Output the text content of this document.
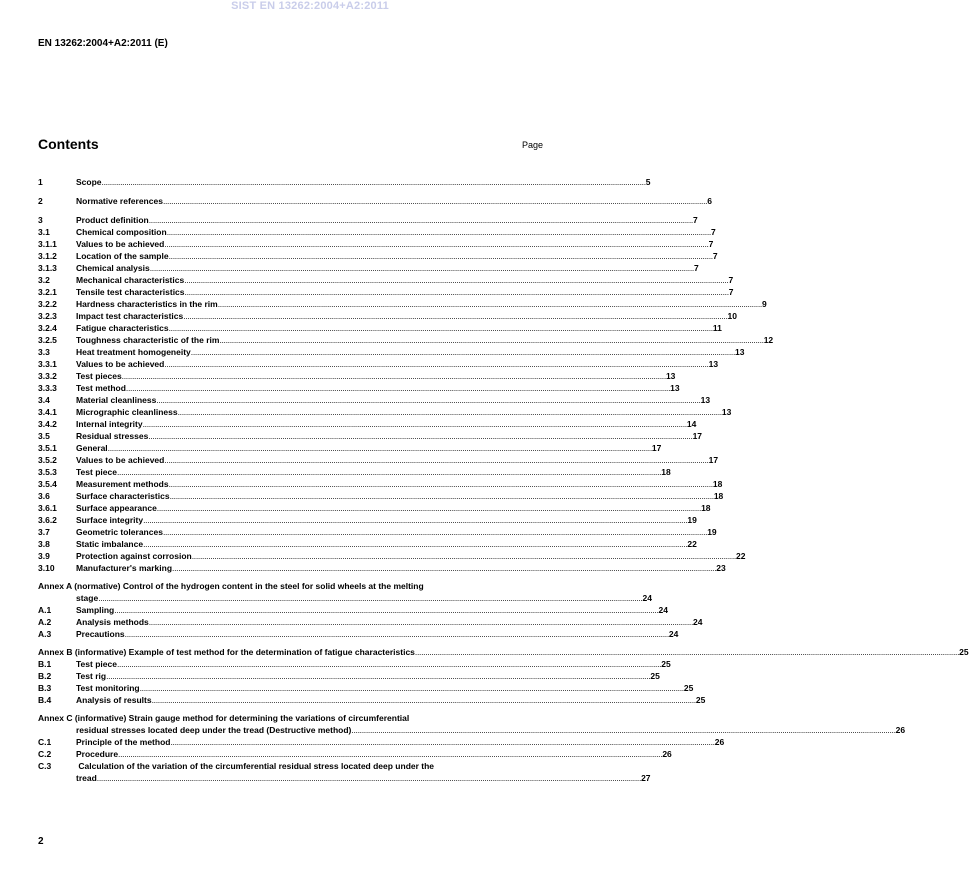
SIST EN 13262:2004+A2:2011
EN 13262:2004+A2:2011 (E)
Contents	Page
1	Scope .....	5
2	Normative references .....	6
3	Product definition .....	7
3.1	Chemical composition .....	7
3.1.1	Values to be achieved .....	7
3.1.2	Location of the sample .....	7
3.1.3	Chemical analysis .....	7
3.2	Mechanical characteristics .....	7
3.2.1	Tensile test characteristics .....	7
3.2.2	Hardness characteristics in the rim .....	9
3.2.3	Impact test characteristics .....	10
3.2.4	Fatigue characteristics .....	11
3.2.5	Toughness characteristic of the rim .....	12
3.3	Heat treatment homogeneity .....	13
3.3.1	Values to be achieved .....	13
3.3.2	Test pieces .....	13
3.3.3	Test method .....	13
3.4	Material cleanliness .....	13
3.4.1	Micrographic cleanliness .....	13
3.4.2	Internal integrity .....	14
3.5	Residual stresses .....	17
3.5.1	General .....	17
3.5.2	Values to be achieved .....	17
3.5.3	Test piece .....	18
3.5.4	Measurement methods .....	18
3.6	Surface characteristics .....	18
3.6.1	Surface appearance .....	18
3.6.2	Surface integrity .....	19
3.7	Geometric tolerances .....	19
3.8	Static imbalance .....	22
3.9	Protection against corrosion .....	22
3.10	Manufacturer's marking .....	23
Annex A (normative) Control of the hydrogen content in the steel for solid wheels at the melting
stage .....	24
A.1	Sampling .....	24
A.2	Analysis methods .....	24
A.3	Precautions .....	24
Annex B (informative) Example of test method for the determination of fatigue characteristics .....	25
B.1	Test piece .....	25
B.2	Test rig .....	25
B.3	Test monitoring .....	25
B.4	Analysis of results .....	25
Annex C (informative) Strain gauge method for determining the variations of circumferential
residual stresses located deep under the tread (Destructive method) .....	26
C.1	Principle of the method .....	26
C.2	Procedure .....	26
C.3	Calculation of the variation of the circumferential residual stress located deep under the
tread .....	27
2
